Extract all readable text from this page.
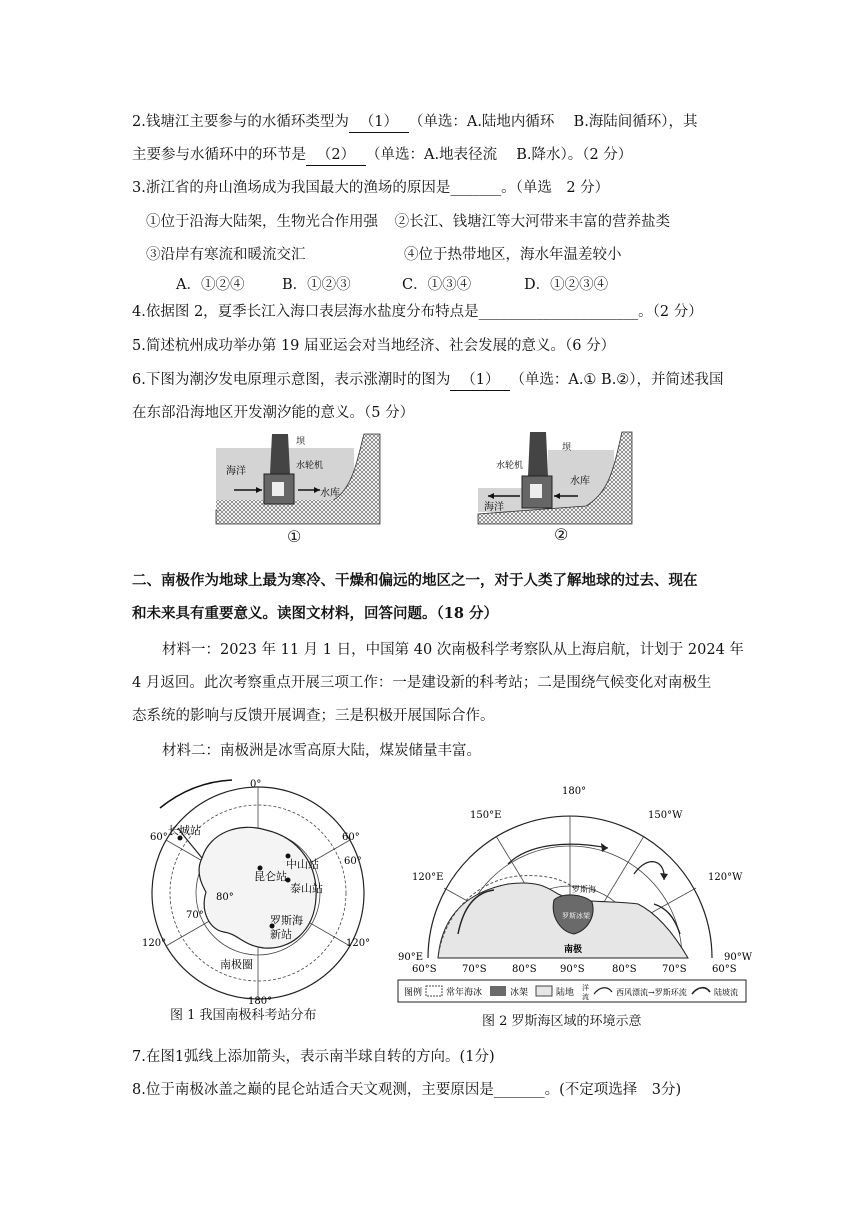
2.钱塘江主要参与的水循环类型为 （1） （单选：A.陆地内循环　 B.海陆间循环），其
主要参与水循环中的环节是 （2） （单选：A.地表径流　 B.降水）。（2 分）
3.浙江省的舟山渔场成为我国最大的渔场的原因是_______。（单选　2 分）
①位于沿海大陆架，生物光合作用强 ②长江、钱塘江等大河带来丰富的营养盐类
③沿岸有寒流和暖流交汇	④位于热带地区，海水年温差较小
A．①②④	B．①②③	C．①③④	D．①②③④
4.依据图 2，夏季长江入海口表层海水盐度分布特点是______________________。（2 分）
5.简述杭州成功举办第 19 届亚运会对当地经济、社会发展的意义。（6 分）
6.下图为潮汐发电原理示意图，表示涨潮时的图为 （1） （单选：A.① B.②），并简述我国
在东部沿海地区开发潮汐能的意义。（5 分）
海洋
坝
水轮机
水库
①
海洋
坝
水轮机
水库
②
二、南极作为地球上最为寒冷、干燥和偏远的地区之一，对于人类了解地球的过去、现在
和未来具有重要意义。读图文材料，回答问题。（18 分）
材料一：2023 年 11 月 1 日，中国第 40 次南极科学考察队从上海启航，计划于 2024 年
4 月返回。此次考察重点开展三项工作：一是建设新的科考站；二是围绕气候变化对南极生
态系统的影响与反馈开展调查；三是积极开展国际合作。
材料二：南极洲是冰雪高原大陆，煤炭储量丰富。
0°
60°	60°
60°
80°
70°
120°	120°
180°
长城站
中山站
昆仑站
泰山站
罗斯海
新站
南极圈
图 1 我国南极科考站分布
180°
150°E	150°W
120°E	120°W
90°E	90°W
罗斯海
罗斯冰架
南极
60°S	70°S	80°S 90°S	80°S	70°S	60°S
图例	常年海冰	冰架	陆地 洋
流	西风漂流→罗斯环流	陆坡流
图 2 罗斯海区域的环境示意
7.在图1弧线上添加箭头，表示南半球自转的方向。(1分)
8.位于南极冰盖之巅的昆仑站适合天文观测，主要原因是_______。(不定项选择　3分)
